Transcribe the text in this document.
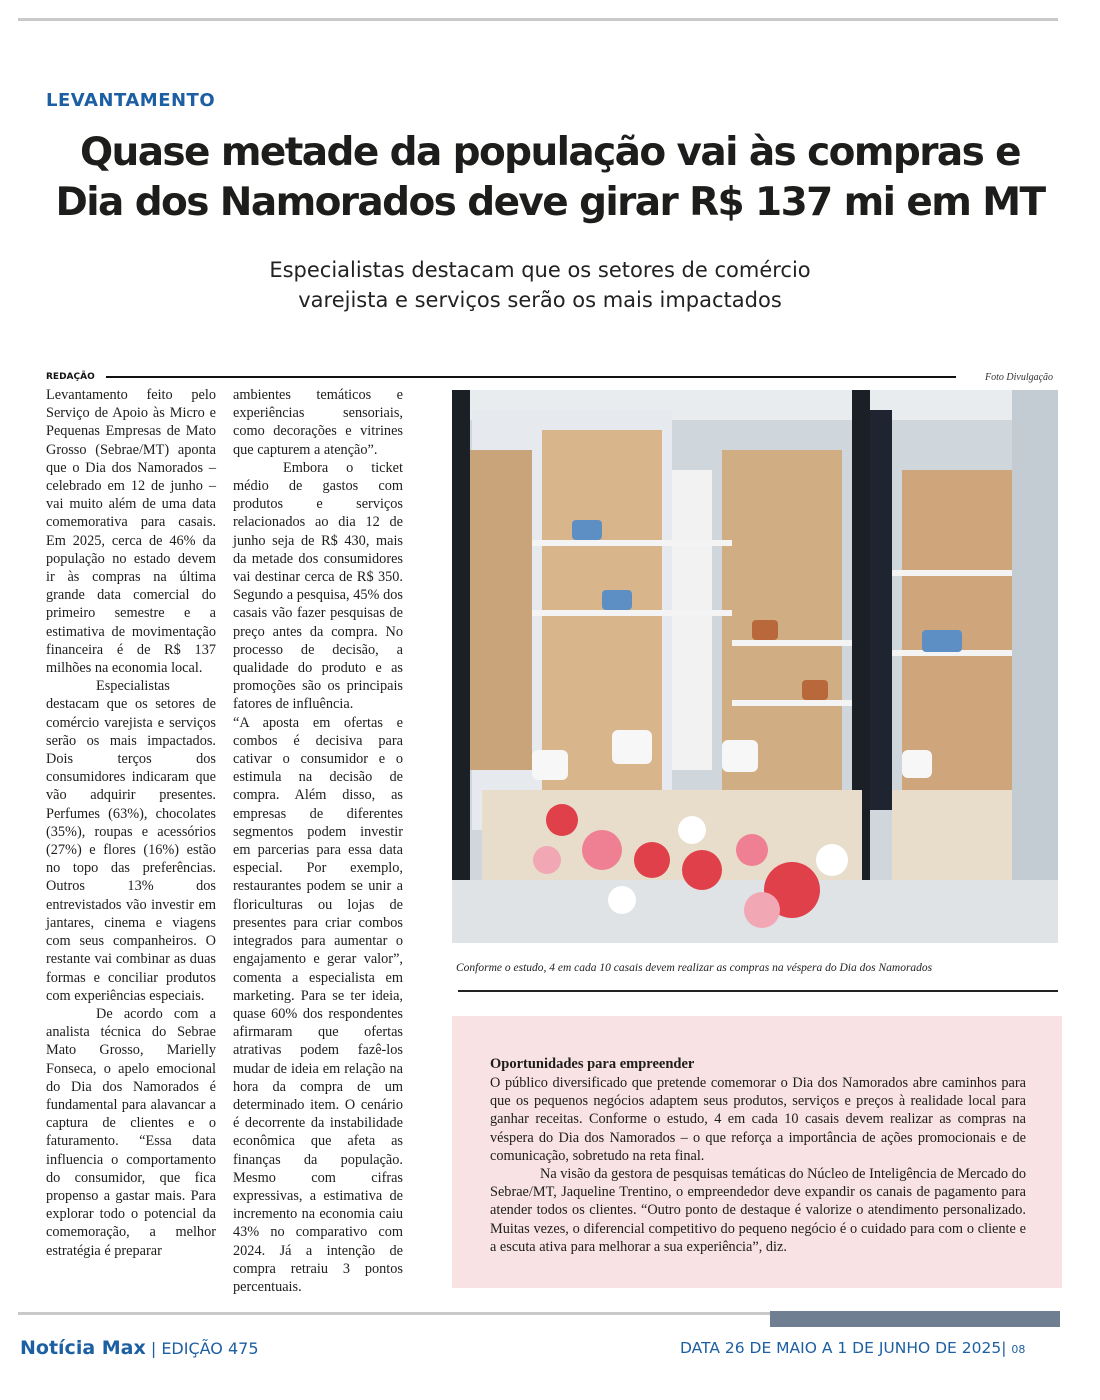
LEVANTAMENTO
Quase metade da população vai às compras e
Dia dos Namorados deve girar R$ 137 mi em MT
Especialistas destacam que os setores de comércio
varejista e serviços serão os mais impactados
REDAÇÃO	Foto Divulgação

Levantamento feito pelo Serviço de Apoio às Micro e Pequenas Empresas de Mato Grosso (Sebrae/MT) aponta que o Dia dos Namorados – celebrado em 12 de junho – vai muito além de uma data comemorativa para casais. Em 2025, cerca de 46% da população no estado devem ir às compras na última grande data comercial do primeiro semestre e a estimativa de movimentação financeira é de R$ 137 milhões na economia local.

Especialistas destacam que os setores de comércio varejista e serviços serão os mais impactados. Dois terços dos consumidores indicaram que vão adquirir presentes. Perfumes (63%), chocolates (35%), roupas e acessórios (27%) e flores (16%) estão no topo das preferências. Outros 13% dos entrevistados vão investir em jantares, cinema e viagens com seus companheiros. O restante vai combinar as duas formas e conciliar produtos com experiências especiais.

De acordo com a analista técnica do Sebrae Mato Grosso, Marielly Fonseca, o apelo emocional do Dia dos Namorados é fundamental para alavancar a captura de clientes e o faturamento. “Essa data influencia o comportamento do consumidor, que fica propenso a gastar mais. Para explorar todo o potencial da comemoração, a melhor estratégia é preparar

ambientes temáticos e experiências sensoriais, como decorações e vitrines que capturem a atenção”.

Embora o ticket médio de gastos com produtos e serviços relacionados ao dia 12 de junho seja de R$ 430, mais da metade dos consumidores vai destinar cerca de R$ 350. Segundo a pesquisa, 45% dos casais vão fazer pesquisas de preço antes da compra. No processo de decisão, a qualidade do produto e as promoções são os principais fatores de influência.

“A aposta em ofertas e combos é decisiva para cativar o consumidor e o estimula na decisão de compra. Além disso, as empresas de diferentes segmentos podem investir em parcerias para essa data especial. Por exemplo, restaurantes podem se unir a floriculturas ou lojas de presentes para criar combos integrados para aumentar o engajamento e gerar valor”, comenta a especialista em marketing. Para se ter ideia, quase 60% dos respondentes afirmaram que ofertas atrativas podem fazê-los mudar de ideia em relação na hora da compra de um determinado item. O cenário é decorrente da instabilidade econômica que afeta as finanças da população. Mesmo com cifras expressivas, a estimativa de incremento na economia caiu 43% no comparativo com 2024. Já a intenção de compra retraiu 3 pontos percentuais.

Conforme o estudo, 4 em cada 10 casais devem realizar as compras na véspera do Dia dos Namorados
Oportunidades para empreender

O público diversificado que pretende comemorar o Dia dos Namorados abre caminhos para que os pequenos negócios adaptem seus produtos, serviços e preços à realidade local para ganhar receitas. Conforme o estudo, 4 em cada 10 casais devem realizar as compras na véspera do Dia dos Namorados – o que reforça a importância de ações promocionais e de comunicação, sobretudo na reta final.

Na visão da gestora de pesquisas temáticas do Núcleo de Inteligência de Mercado do Sebrae/MT, Jaqueline Trentino, o empreendedor deve expandir os canais de pagamento para atender todos os clientes. “Outro ponto de destaque é valorize o atendimento personalizado. Muitas vezes, o diferencial competitivo do pequeno negócio é o cuidado para com o cliente e a escuta ativa para melhorar a sua experiência”, diz.

Notícia Max | EDIÇÃO 475	DATA 26 DE MAIO A 1 DE JUNHO DE 2025| 08
